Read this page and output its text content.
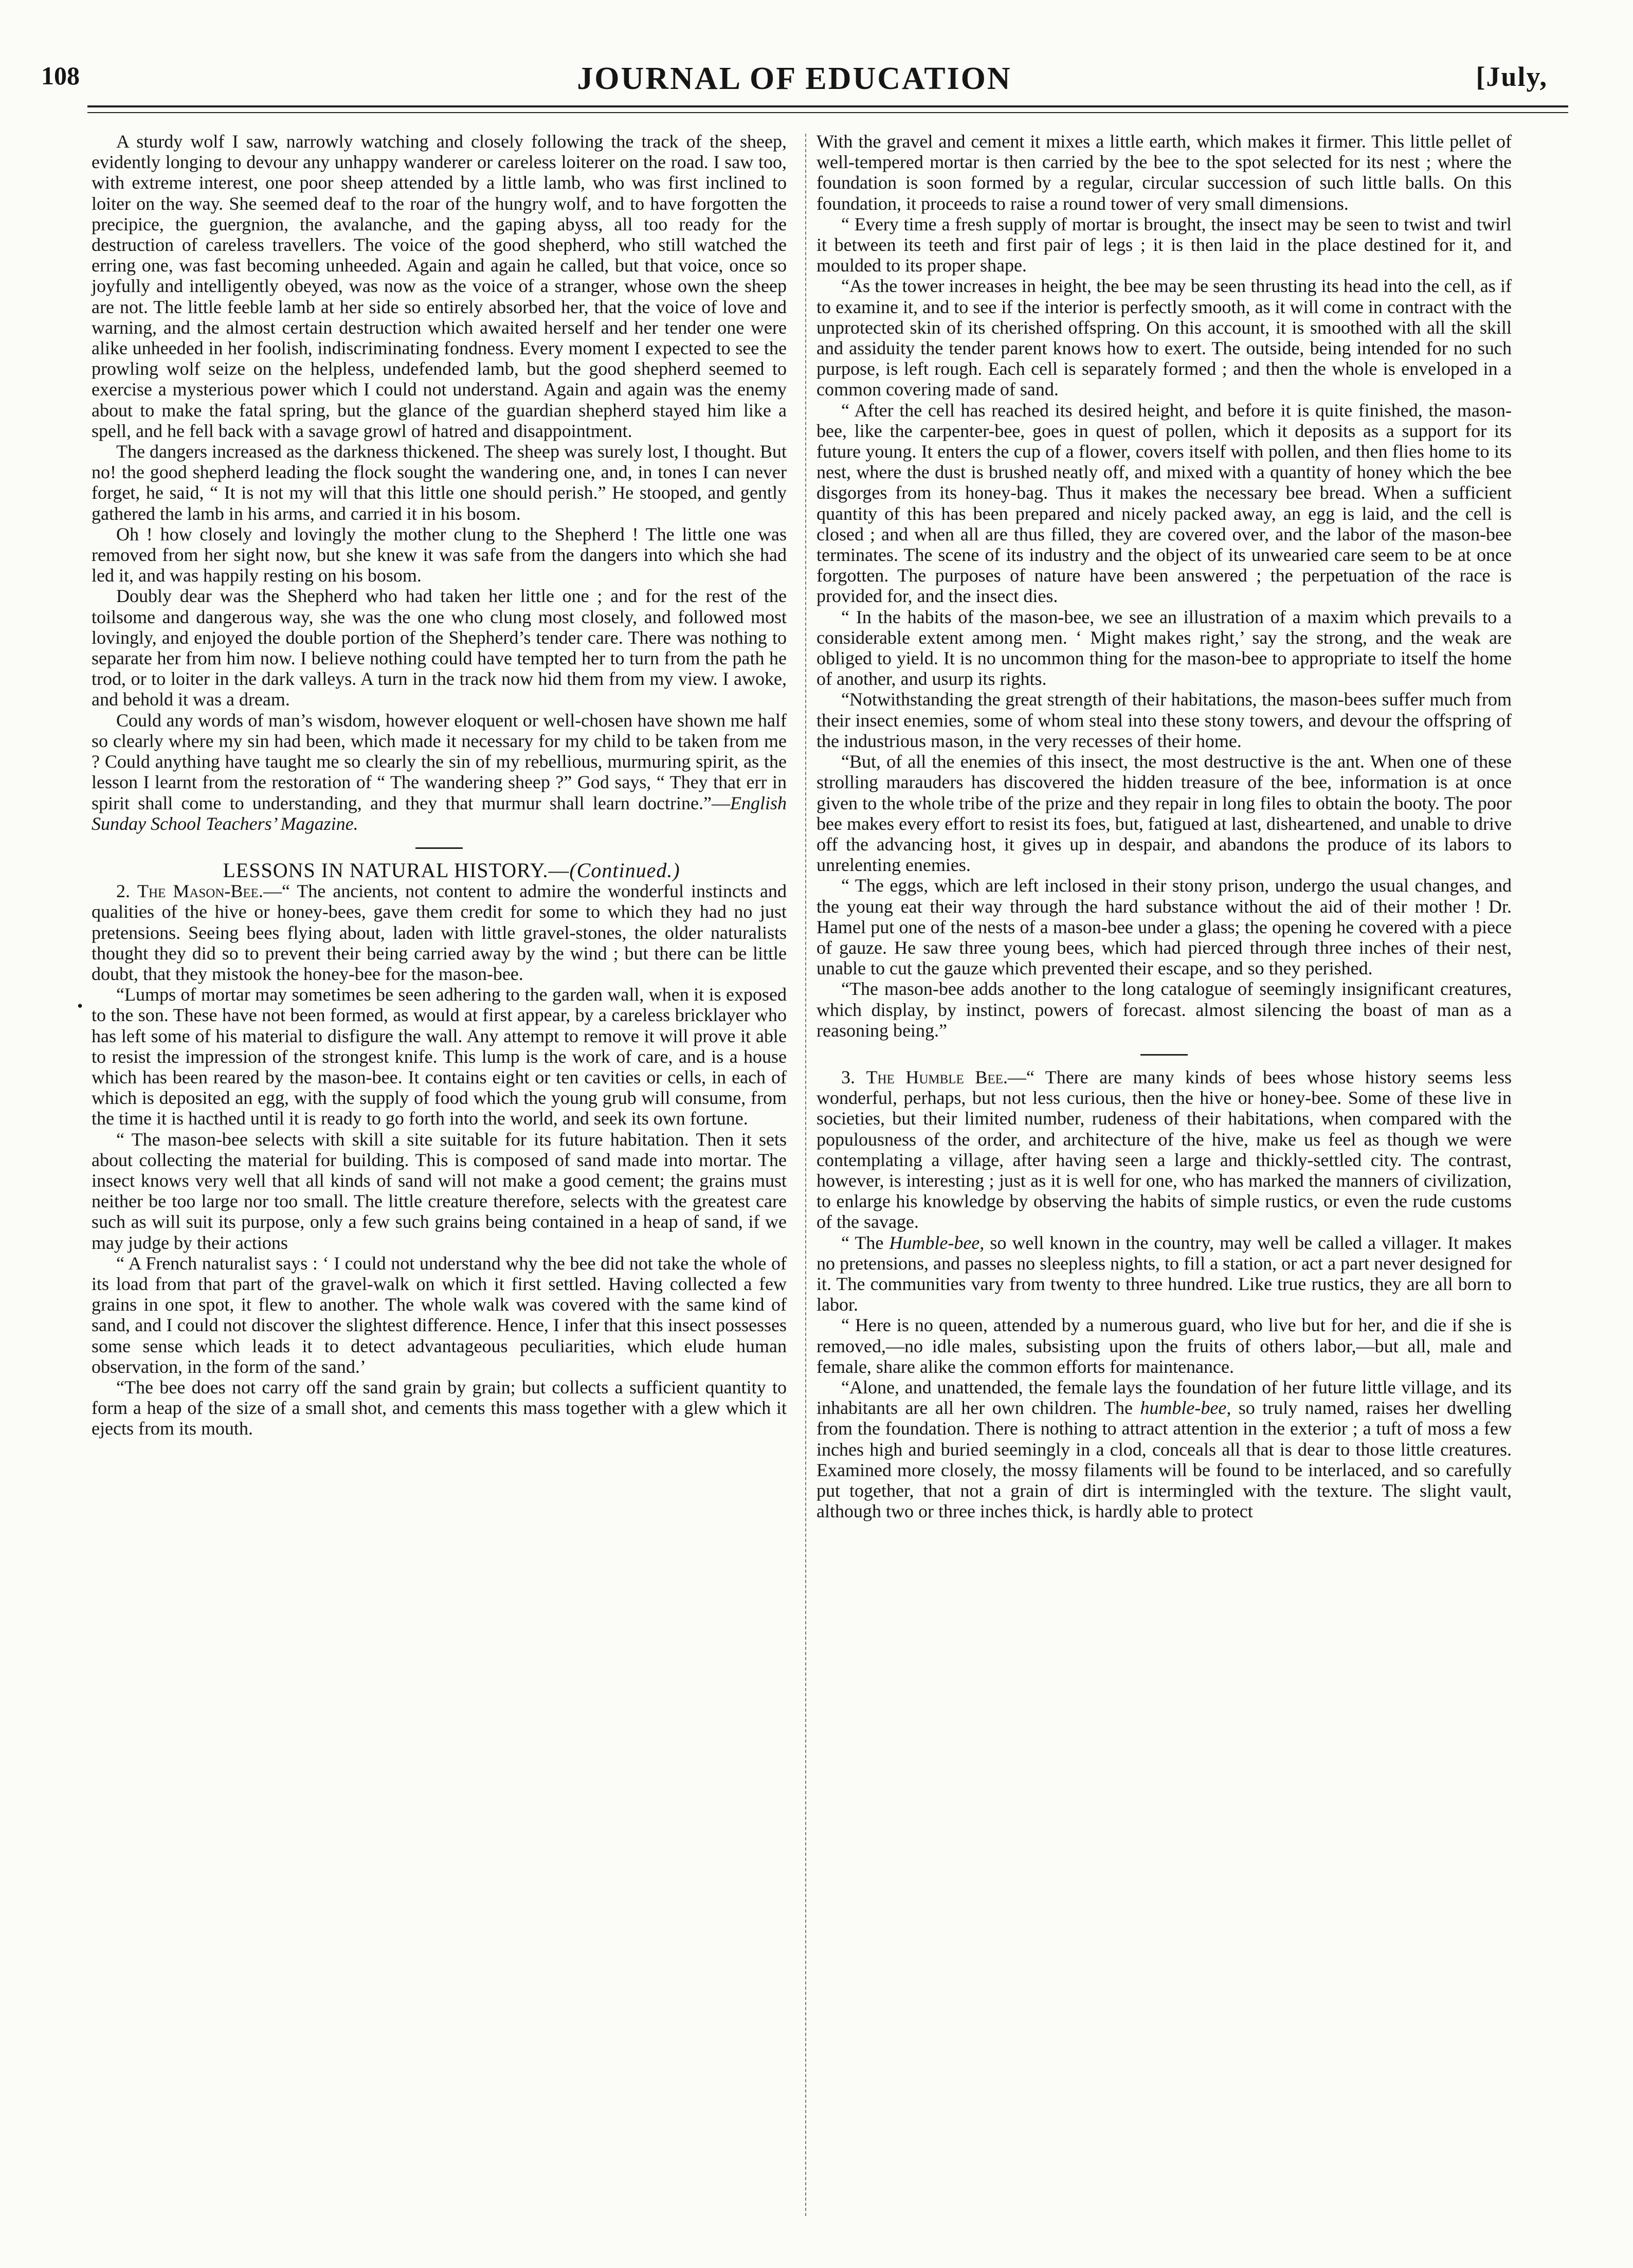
108	JOURNAL OF EDUCATION	[July,
•

A sturdy wolf I saw, narrowly watching and closely following the track of the sheep, evidently longing to devour any unhappy wanderer or careless loiterer on the road. I saw too, with extreme interest, one poor sheep attended by a little lamb, who was first inclined to loiter on the way. She seemed deaf to the roar of the hungry wolf, and to have forgotten the precipice, the guergnion, the avalanche, and the gaping abyss, all too ready for the destruction of careless travellers. The voice of the good shepherd, who still watched the erring one, was fast becoming unheeded. Again and again he called, but that voice, once so joyfully and intelligently obeyed, was now as the voice of a stranger, whose own the sheep are not. The little feeble lamb at her side so entirely absorbed her, that the voice of love and warning, and the almost certain destruction which awaited herself and her tender one were alike unheeded in her foolish, indiscriminating fondness. Every moment I expected to see the prowling wolf seize on the helpless, undefended lamb, but the good shepherd seemed to exercise a mysterious power which I could not understand. Again and again was the enemy about to make the fatal spring, but the glance of the guardian shepherd stayed him like a spell, and he fell back with a savage growl of hatred and disappointment.

The dangers increased as the darkness thickened. The sheep was surely lost, I thought. But no! the good shepherd leading the flock sought the wandering one, and, in tones I can never forget, he said, “ It is not my will that this little one should perish.” He stooped, and gently gathered the lamb in his arms, and carried it in his bosom.

Oh ! how closely and lovingly the mother clung to the Shepherd ! The little one was removed from her sight now, but she knew it was safe from the dangers into which she had led it, and was happily resting on his bosom.

Doubly dear was the Shepherd who had taken her little one ; and for the rest of the toilsome and dangerous way, she was the one who clung most closely, and followed most lovingly, and enjoyed the double portion of the Shepherd’s tender care. There was nothing to separate her from him now. I believe nothing could have tempted her to turn from the path he trod, or to loiter in the dark valleys. A turn in the track now hid them from my view. I awoke, and behold it was a dream.

Could any words of man’s wisdom, however eloquent or well-chosen have shown me half so clearly where my sin had been, which made it necessary for my child to be taken from me ? Could anything have taught me so clearly the sin of my rebellious, murmuring spirit, as the lesson I learnt from the restoration of “ The wandering sheep ?” God says, “ They that err in spirit shall come to understanding, and they that murmur shall learn doctrine.”—English Sunday School Teachers’ Magazine.

LESSONS IN NATURAL HISTORY.—(Continued.)

2. The Mason-Bee.—“ The ancients, not content to admire the wonderful instincts and qualities of the hive or honey-bees, gave them credit for some to which they had no just pretensions. Seeing bees flying about, laden with little gravel-stones, the older naturalists thought they did so to prevent their being carried away by the wind ; but there can be little doubt, that they mistook the honey-bee for the mason-bee.

“Lumps of mortar may sometimes be seen adhering to the garden wall, when it is exposed to the son. These have not been formed, as would at first appear, by a careless bricklayer who has left some of his material to disfigure the wall. Any attempt to remove it will prove it able to resist the impression of the strongest knife. This lump is the work of care, and is a house which has been reared by the mason-bee. It contains eight or ten cavities or cells, in each of which is deposited an egg, with the supply of food which the young grub will consume, from the time it is hacthed until it is ready to go forth into the world, and seek its own fortune.

“ The mason-bee selects with skill a site suitable for its future habitation. Then it sets about collecting the material for building. This is composed of sand made into mortar. The insect knows very well that all kinds of sand will not make a good cement; the grains must neither be too large nor too small. The little creature therefore, selects with the greatest care such as will suit its purpose, only a few such grains being contained in a heap of sand, if we may judge by their actions

“ A French naturalist says : ‘ I could not understand why the bee did not take the whole of its load from that part of the gravel-walk on which it first settled. Having collected a few grains in one spot, it flew to another. The whole walk was covered with the same kind of sand, and I could not discover the slightest difference. Hence, I infer that this insect possesses some sense which leads it to detect advantageous peculiarities, which elude human observation, in the form of the sand.’

“The bee does not carry off the sand grain by grain; but collects a sufficient quantity to form a heap of the size of a small shot, and cements this mass together with a glew which it ejects from its mouth.

With the gravel and cement it mixes a little earth, which makes it firmer. This little pellet of well-tempered mortar is then carried by the bee to the spot selected for its nest ; where the foundation is soon formed by a regular, circular succession of such little balls. On this foundation, it proceeds to raise a round tower of very small dimensions.

“ Every time a fresh supply of mortar is brought, the insect may be seen to twist and twirl it between its teeth and first pair of legs ; it is then laid in the place destined for it, and moulded to its proper shape.

“As the tower increases in height, the bee may be seen thrusting its head into the cell, as if to examine it, and to see if the interior is perfectly smooth, as it will come in contract with the unprotected skin of its cherished offspring. On this account, it is smoothed with all the skill and assiduity the tender parent knows how to exert. The outside, being intended for no such purpose, is left rough. Each cell is separately formed ; and then the whole is enveloped in a common covering made of sand.

“ After the cell has reached its desired height, and before it is quite finished, the mason-bee, like the carpenter-bee, goes in quest of pollen, which it deposits as a support for its future young. It enters the cup of a flower, covers itself with pollen, and then flies home to its nest, where the dust is brushed neatly off, and mixed with a quantity of honey which the bee disgorges from its honey-bag. Thus it makes the necessary bee bread. When a sufficient quantity of this has been prepared and nicely packed away, an egg is laid, and the cell is closed ; and when all are thus filled, they are covered over, and the labor of the mason-bee terminates. The scene of its industry and the object of its unwearied care seem to be at once forgotten. The purposes of nature have been answered ; the perpetuation of the race is provided for, and the insect dies.

“ In the habits of the mason-bee, we see an illustration of a maxim which prevails to a considerable extent among men. ‘ Might makes right,’ say the strong, and the weak are obliged to yield. It is no uncommon thing for the mason-bee to appropriate to itself the home of another, and usurp its rights.

“Notwithstanding the great strength of their habitations, the mason-bees suffer much from their insect enemies, some of whom steal into these stony towers, and devour the offspring of the industrious mason, in the very recesses of their home.

“But, of all the enemies of this insect, the most destructive is the ant. When one of these strolling marauders has discovered the hidden treasure of the bee, information is at once given to the whole tribe of the prize and they repair in long files to obtain the booty. The poor bee makes every effort to resist its foes, but, fatigued at last, disheartened, and unable to drive off the advancing host, it gives up in despair, and abandons the produce of its labors to unrelenting enemies.

“ The eggs, which are left inclosed in their stony prison, undergo the usual changes, and the young eat their way through the hard substance without the aid of their mother ! Dr. Hamel put one of the nests of a mason-bee under a glass; the opening he covered with a piece of gauze. He saw three young bees, which had pierced through three inches of their nest, unable to cut the gauze which prevented their escape, and so they perished.

“The mason-bee adds another to the long catalogue of seemingly insignificant creatures, which display, by instinct, powers of forecast. almost silencing the boast of man as a reasoning being.”

3. The Humble Bee.—“ There are many kinds of bees whose history seems less wonderful, perhaps, but not less curious, then the hive or honey-bee. Some of these live in societies, but their limited number, rudeness of their habitations, when compared with the populousness of the order, and architecture of the hive, make us feel as though we were contemplating a village, after having seen a large and thickly-settled city. The contrast, however, is interesting ; just as it is well for one, who has marked the manners of civilization, to enlarge his knowledge by observing the habits of simple rustics, or even the rude customs of the savage.

“ The Humble-bee, so well known in the country, may well be called a villager. It makes no pretensions, and passes no sleepless nights, to fill a station, or act a part never designed for it. The communities vary from twenty to three hundred. Like true rustics, they are all born to labor.

“ Here is no queen, attended by a numerous guard, who live but for her, and die if she is removed,—no idle males, subsisting upon the fruits of others labor,—but all, male and female, share alike the common efforts for maintenance.

“Alone, and unattended, the female lays the foundation of her future little village, and its inhabitants are all her own children. The humble-bee, so truly named, raises her dwelling from the foundation. There is nothing to attract attention in the exterior ; a tuft of moss a few inches high and buried seemingly in a clod, conceals all that is dear to those little creatures. Examined more closely, the mossy filaments will be found to be interlaced, and so carefully put together, that not a grain of dirt is intermingled with the texture. The slight vault, although two or three inches thick, is hardly able to protect
